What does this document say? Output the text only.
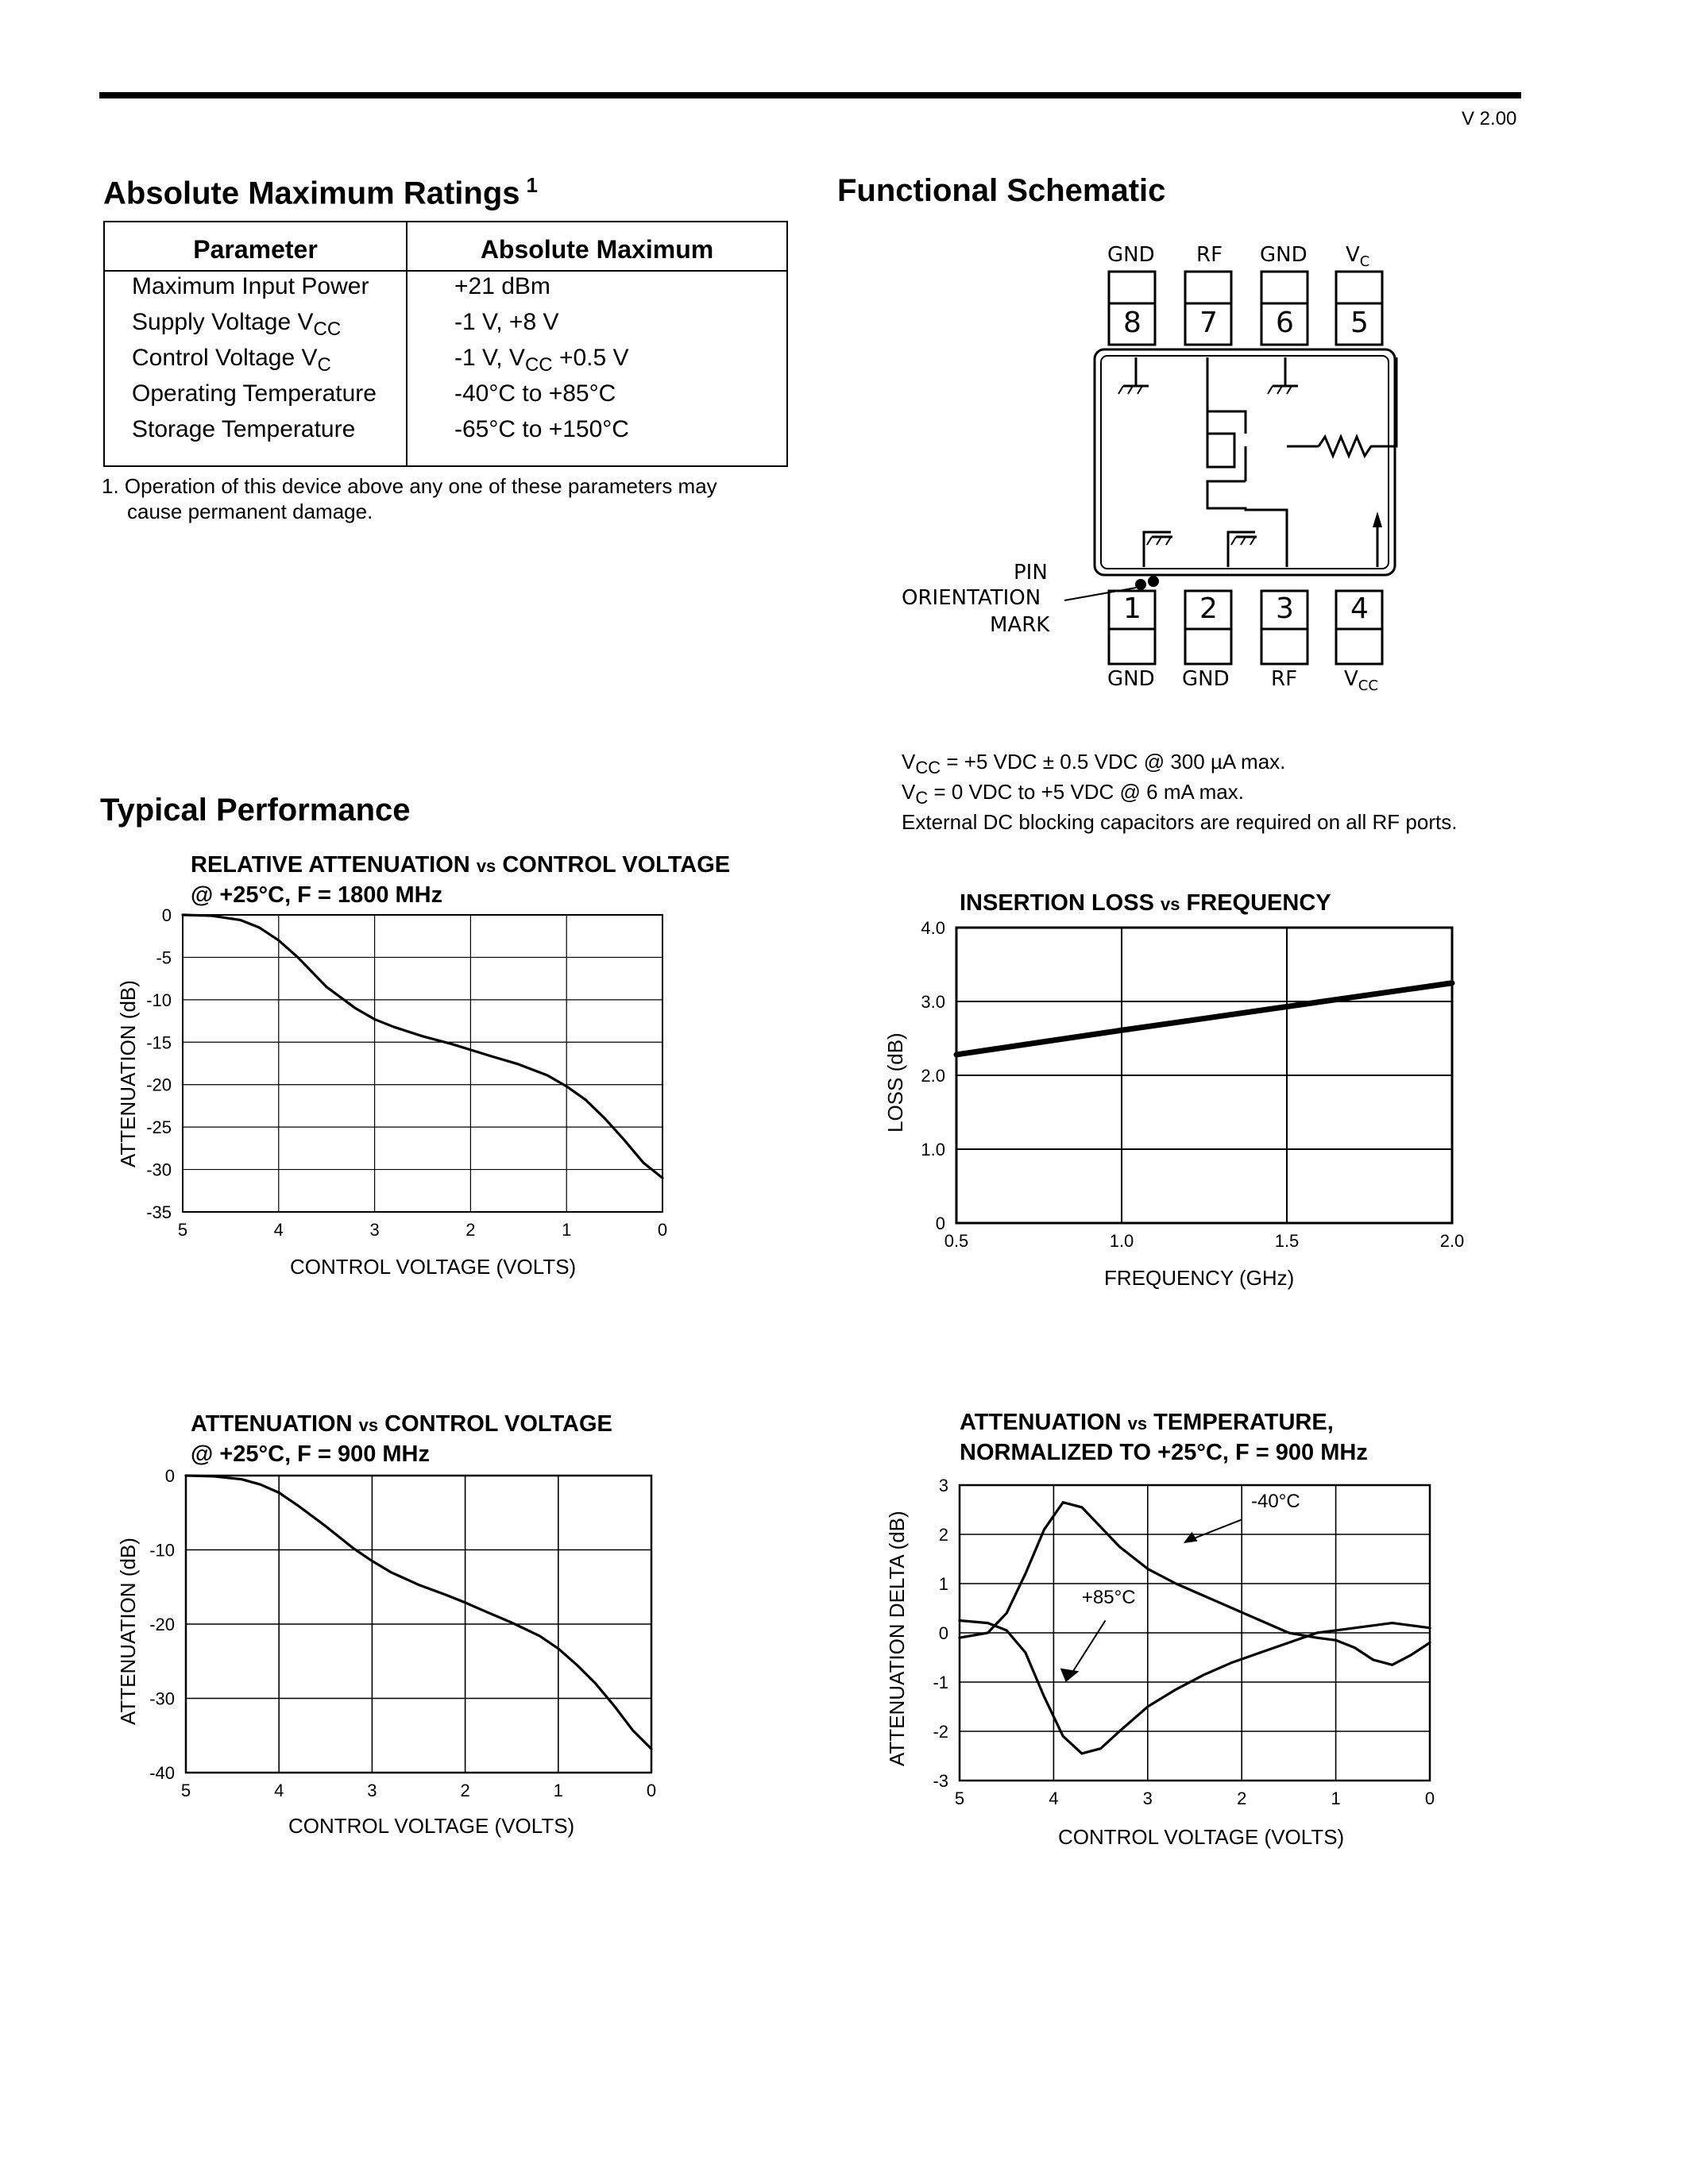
V 2.00
Absolute Maximum Ratings $^1$
Parameter	Absolute Maximum
Maximum Input Power	+21 dBm
Supply Voltage $V_{CC}$	-1 V, +8 V
Control Voltage $V_C$	-1 V, $V_{CC} +0.5$ V
Operating Temperature	-40°C to +85°C
Storage Temperature	-65°C to +150°C
1. Operation of this device above any one of these parameters may
cause permanent damage.
Functional Schematic
GND RF GND $V_C$
8 7 6 5
1 2 3 4
GND GND RF $V_{CC}$
PIN
ORIENTATION
MARK
$V_{CC} = +5$ VDC ± 0.5 VDC @ 300 µA max.
$V_C = 0$ VDC to +5 VDC @ 6 mA max.
External DC blocking capacitors are required on all RF ports.
Typical Performance
RELATIVE ATTENUATION vs CONTROL VOLTAGE
@ +25°C, F = 1800 MHz
5	4	3	2	1	0
0
-5
-10
-15
-20
-25
-30
-35
ATTENUATION (dB)
CONTROL VOLTAGE (VOLTS)
INSERTION LOSS vs FREQUENCY
0.5	1.0	1.5	2.0
4.0
3.0
2.0
1.0
0
LOSS (dB)
FREQUENCY (GHz)
ATTENUATION vs CONTROL VOLTAGE
@ +25°C, F = 900 MHz
5	4	3	2	1	0
0
-10
-20
-30
-40
ATTENUATION (dB)
CONTROL VOLTAGE (VOLTS)
ATTENUATION vs TEMPERATURE,
NORMALIZED TO +25°C, F = 900 MHz
5	4	3	2	1	0
3
2
1
0
-1
-2
-3
-40°C
+85°C
ATTENUATION DELTA (dB)
CONTROL VOLTAGE (VOLTS)
